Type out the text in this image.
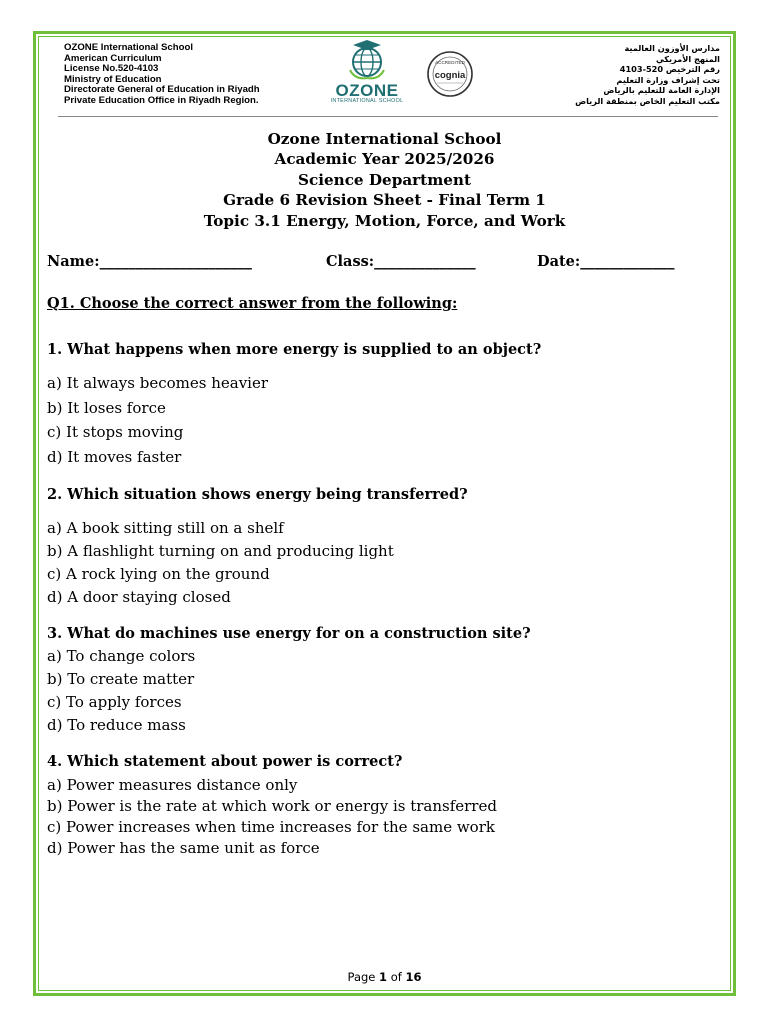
OZONE International School
American Curriculum
License No.520-4103
Ministry of Education
Directorate General of Education in Riyadh
Private Education Office in Riyadh Region.
OZONE
INTERNATIONAL SCHOOL
ACCREDITED
cognia
مدارس الأوزون العالمية
المنهج الأمريكي
رقم الترخيص 520-4103
تحت إشراف وزارة التعليم
الإدارة العامة للتعليم بالرياض
مكتب التعليم الخاص بمنطقة الرياض
Ozone International School
Academic Year 2025/2026
Science Department
Grade 6 Revision Sheet - Final Term 1
Topic 3.1 Energy, Motion, Force, and Work
Name:_____________________	Class:______________	Date:_____________
Q1. Choose the correct answer from the following:
1. What happens when more energy is supplied to an object?
a) It always becomes heavier
b) It loses force
c) It stops moving
d) It moves faster
2. Which situation shows energy being transferred?
a) A book sitting still on a shelf
b) A flashlight turning on and producing light
c) A rock lying on the ground
d) A door staying closed
3. What do machines use energy for on a construction site?
a) To change colors
b) To create matter
c) To apply forces
d) To reduce mass
4. Which statement about power is correct?
a) Power measures distance only
b) Power is the rate at which work or energy is transferred
c) Power increases when time increases for the same work
d) Power has the same unit as force
Page 1 of 16
